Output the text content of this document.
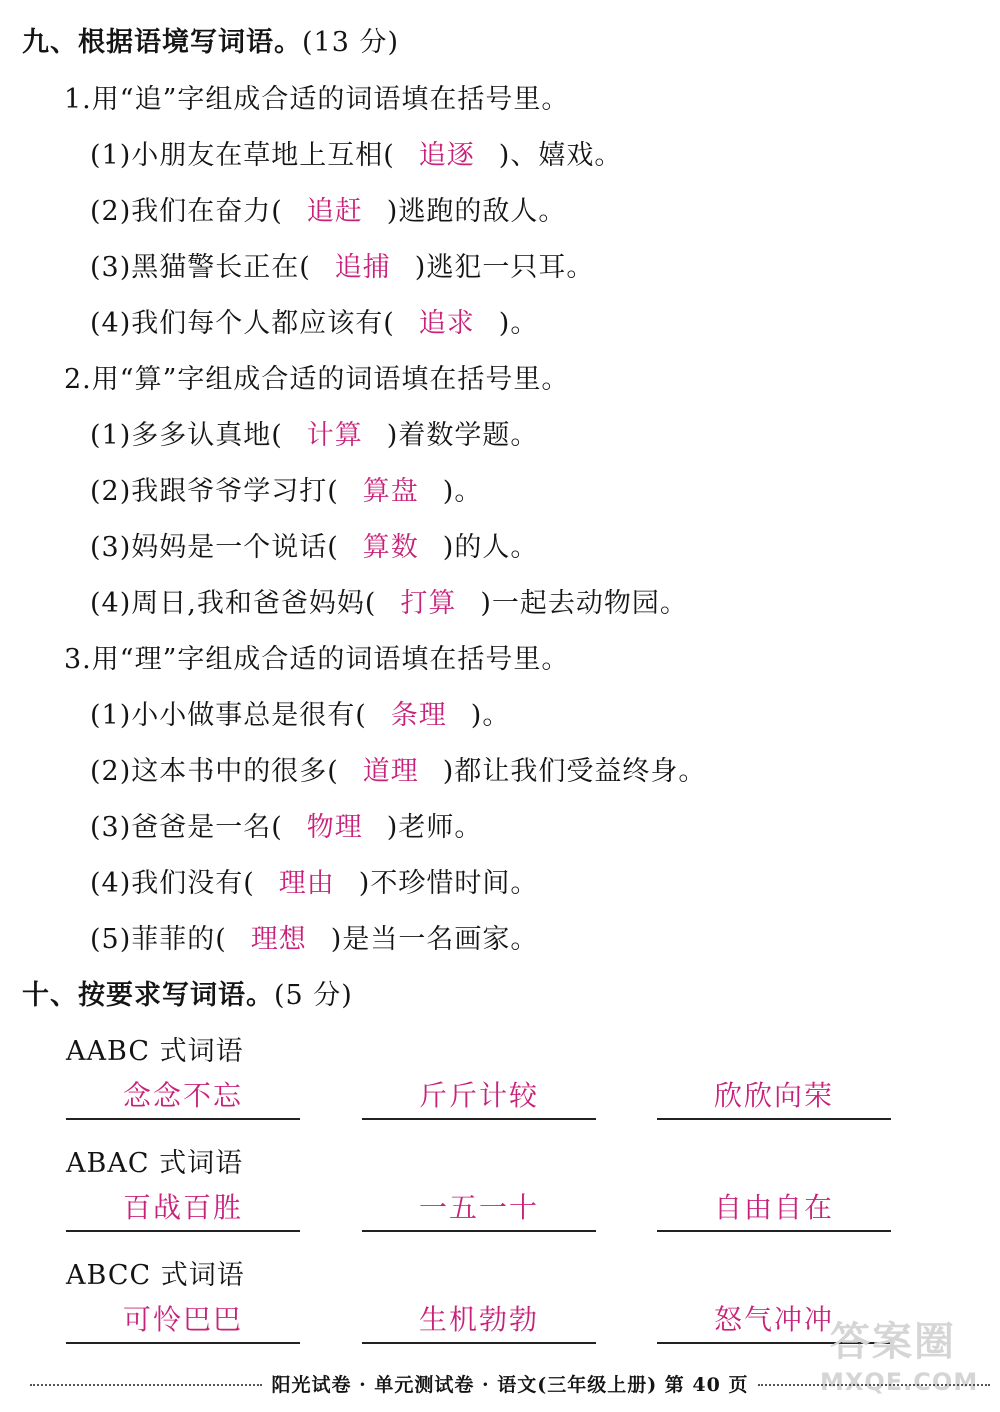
九、根据语境写词语。(13 分)
1.用“追”字组成合适的词语填在括号里。
(1)小朋友在草地上互相( 追逐 )、嬉戏。
(2)我们在奋力( 追赶 )逃跑的敌人。
(3)黑猫警长正在( 追捕 )逃犯一只耳。
(4)我们每个人都应该有( 追求 )。
2.用“算”字组成合适的词语填在括号里。
(1)多多认真地( 计算 )着数学题。
(2)我跟爷爷学习打( 算盘 )。
(3)妈妈是一个说话( 算数 )的人。
(4)周日,我和爸爸妈妈( 打算 )一起去动物园。
3.用“理”字组成合适的词语填在括号里。
(1)小小做事总是很有( 条理 )。
(2)这本书中的很多( 道理 )都让我们受益终身。
(3)爸爸是一名( 物理 )老师。
(4)我们没有( 理由 )不珍惜时间。
(5)菲菲的( 理想 )是当一名画家。
十、按要求写词语。(5 分)
AABC 式词语
念念不忘	斤斤计较	欣欣向荣
ABAC 式词语
百战百胜	一五一十	自由自在
ABCC 式词语
可怜巴巴	生机勃勃	怒气冲冲
答案圈
MXQE.COM
阳光试卷 · 单元测试卷 · 语文(三年级上册) 第 40 页
